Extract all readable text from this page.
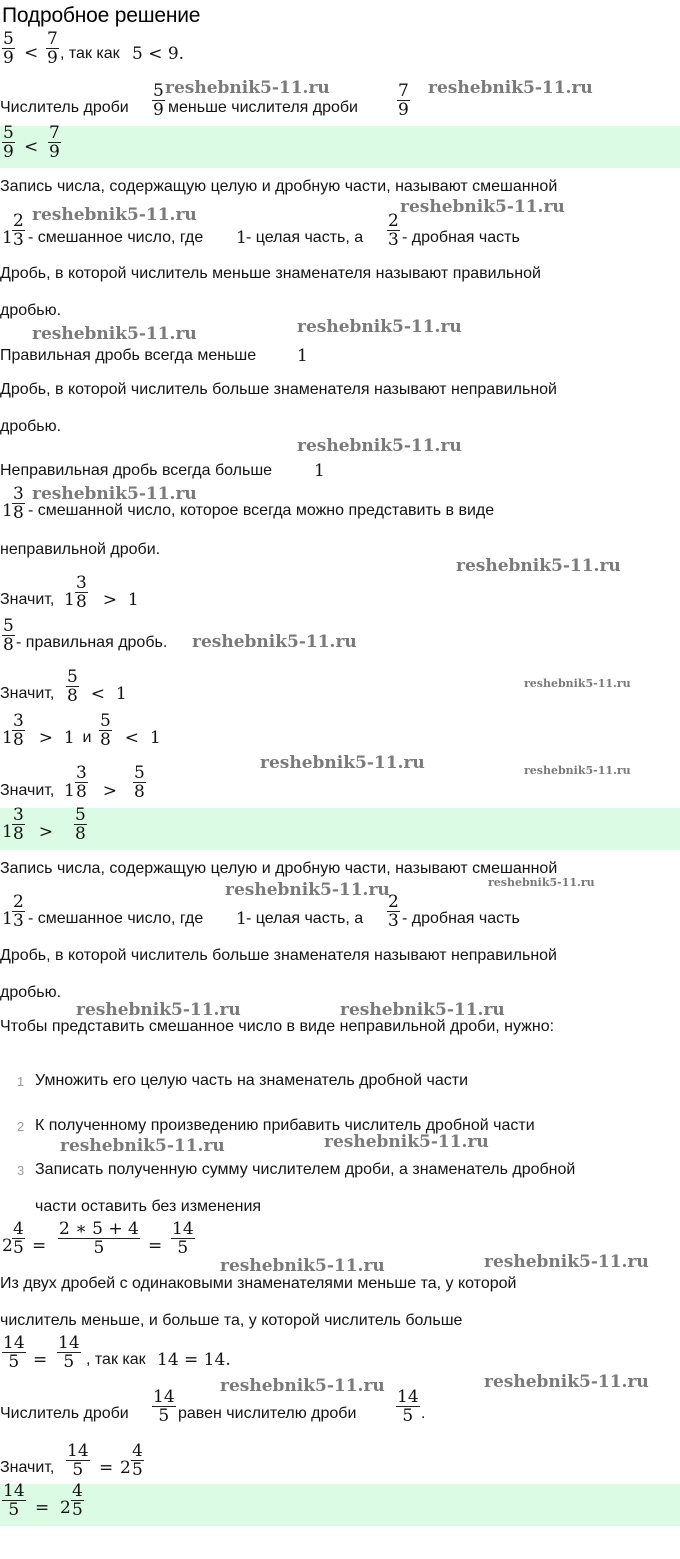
Подробное решение
5
9 <
7
9 , так как 5 < 9.
Числитель дроби
5
9 меньше числителя дроби
7
9
5
9 <
7
9
Запись числа, содержащую целую и дробную части, называют смешанной
1
2
3 - смешанное число, где 1 - целая часть, а
2
3 - дробная часть
Дробь, в которой числитель меньше знаменателя называют правильной
дробью.
Правильная дробь всегда меньше 1
Дробь, в которой числитель больше знаменателя называют неправильной
дробью.
Неправильная дробь всегда больше 1
1
3
8 - смешанной число, которое всегда можно представить в виде
неправильной дроби.
Значит, 1
3
8 >  1
5
8 - правильная дробь.
Значит,
5
8 <  1
1
3
8 >  1 и
5
8 <  1
Значит, 1
3
8 >
5
8
1
3
8 >
5
8
Запись числа, содержащую целую и дробную части, называют смешанной
1
2
3 - смешанное число, где 1 - целая часть, а
2
3 - дробная часть
Дробь, в которой числитель больше знаменателя называют неправильной
дробью.
Чтобы представить смешанное число в виде неправильной дроби, нужно:
1 Умножить его целую часть на знаменатель дробной части
2 К полученному произведению прибавить числитель дробной части
3 Записать полученную сумму числителем дроби, а знаменатель дробной
части оставить без изменения
2
4
5 =
2 ∗ 5 + 4
5	=
14
5
Из двух дробей с одинаковыми знаменателями меньше та, у которой
числитель меньше, и больше та, у которой числитель больше
14
5 =
14
5 , так как 14 = 14.
Числитель дроби
14
5 равен числителю дроби
14
5 .
Значит,
14
5 = 2
4
5
14
5 = 2
4
5
reshebnik5-11.ru	reshebnik5-11.ru
reshebnik5-11.ru	reshebnik5-11.ru
reshebnik5-11.ru	reshebnik5-11.ru
reshebnik5-11.ru
reshebnik5-11.ru
reshebnik5-11.ru
reshebnik5-11.ru
reshebnik5-11.ru
reshebnik5-11.ru	reshebnik5-11.ru
reshebnik5-11.ru	reshebnik5-11.ru
reshebnik5-11.ru	reshebnik5-11.ru
reshebnik5-11.ru	reshebnik5-11.ru
reshebnik5-11.ru	reshebnik5-11.ru
reshebnik5-11.ru	reshebnik5-11.ru
